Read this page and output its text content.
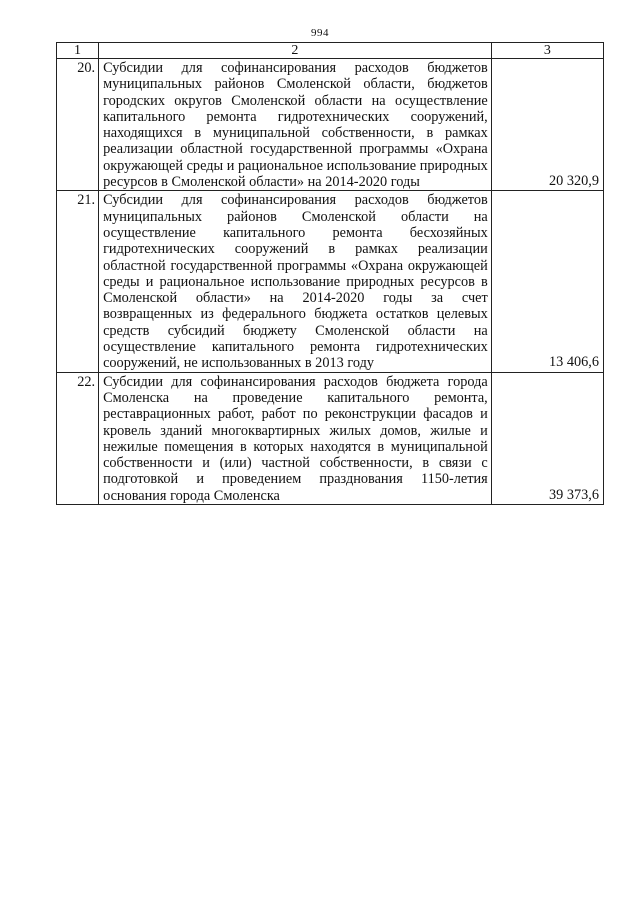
994
1	2	3
20.	Субсидии для софинансирования расходов бюджетов муниципальных районов Смоленской области, бюджетов городских округов Смоленской области на осуществление капитального ремонта гидротехнических сооружений, находящихся в муниципальной собственности, в рамках реализации областной государственной программы «Охрана окружающей среды и рациональное использование природных ресурсов в Смоленской области» на 2014-2020 годы	20 320,9
21.	Субсидии для софинансирования расходов бюджетов муниципальных районов Смоленской области на осуществление капитального ремонта бесхозяйных гидротехнических сооружений в рамках реализации областной государственной программы «Охрана окружающей среды и рациональное использование природных ресурсов в Смоленской области» на 2014-2020 годы за счет возвращенных из федерального бюджета остатков целевых средств субсидий бюджету Смоленской области на осуществление капитального ремонта гидротехнических сооружений, не использованных в 2013 году	13 406,6
22.	Субсидии для софинансирования расходов бюджета города Смоленска на проведение капитального ремонта, реставрационных работ, работ по реконструкции фасадов и кровель зданий многоквартирных жилых домов, жилые и нежилые помещения в которых находятся в муниципальной собственности и (или) частной собственности, в связи с подготовкой и проведением празднования 1150-летия основания города Смоленска	39 373,6
